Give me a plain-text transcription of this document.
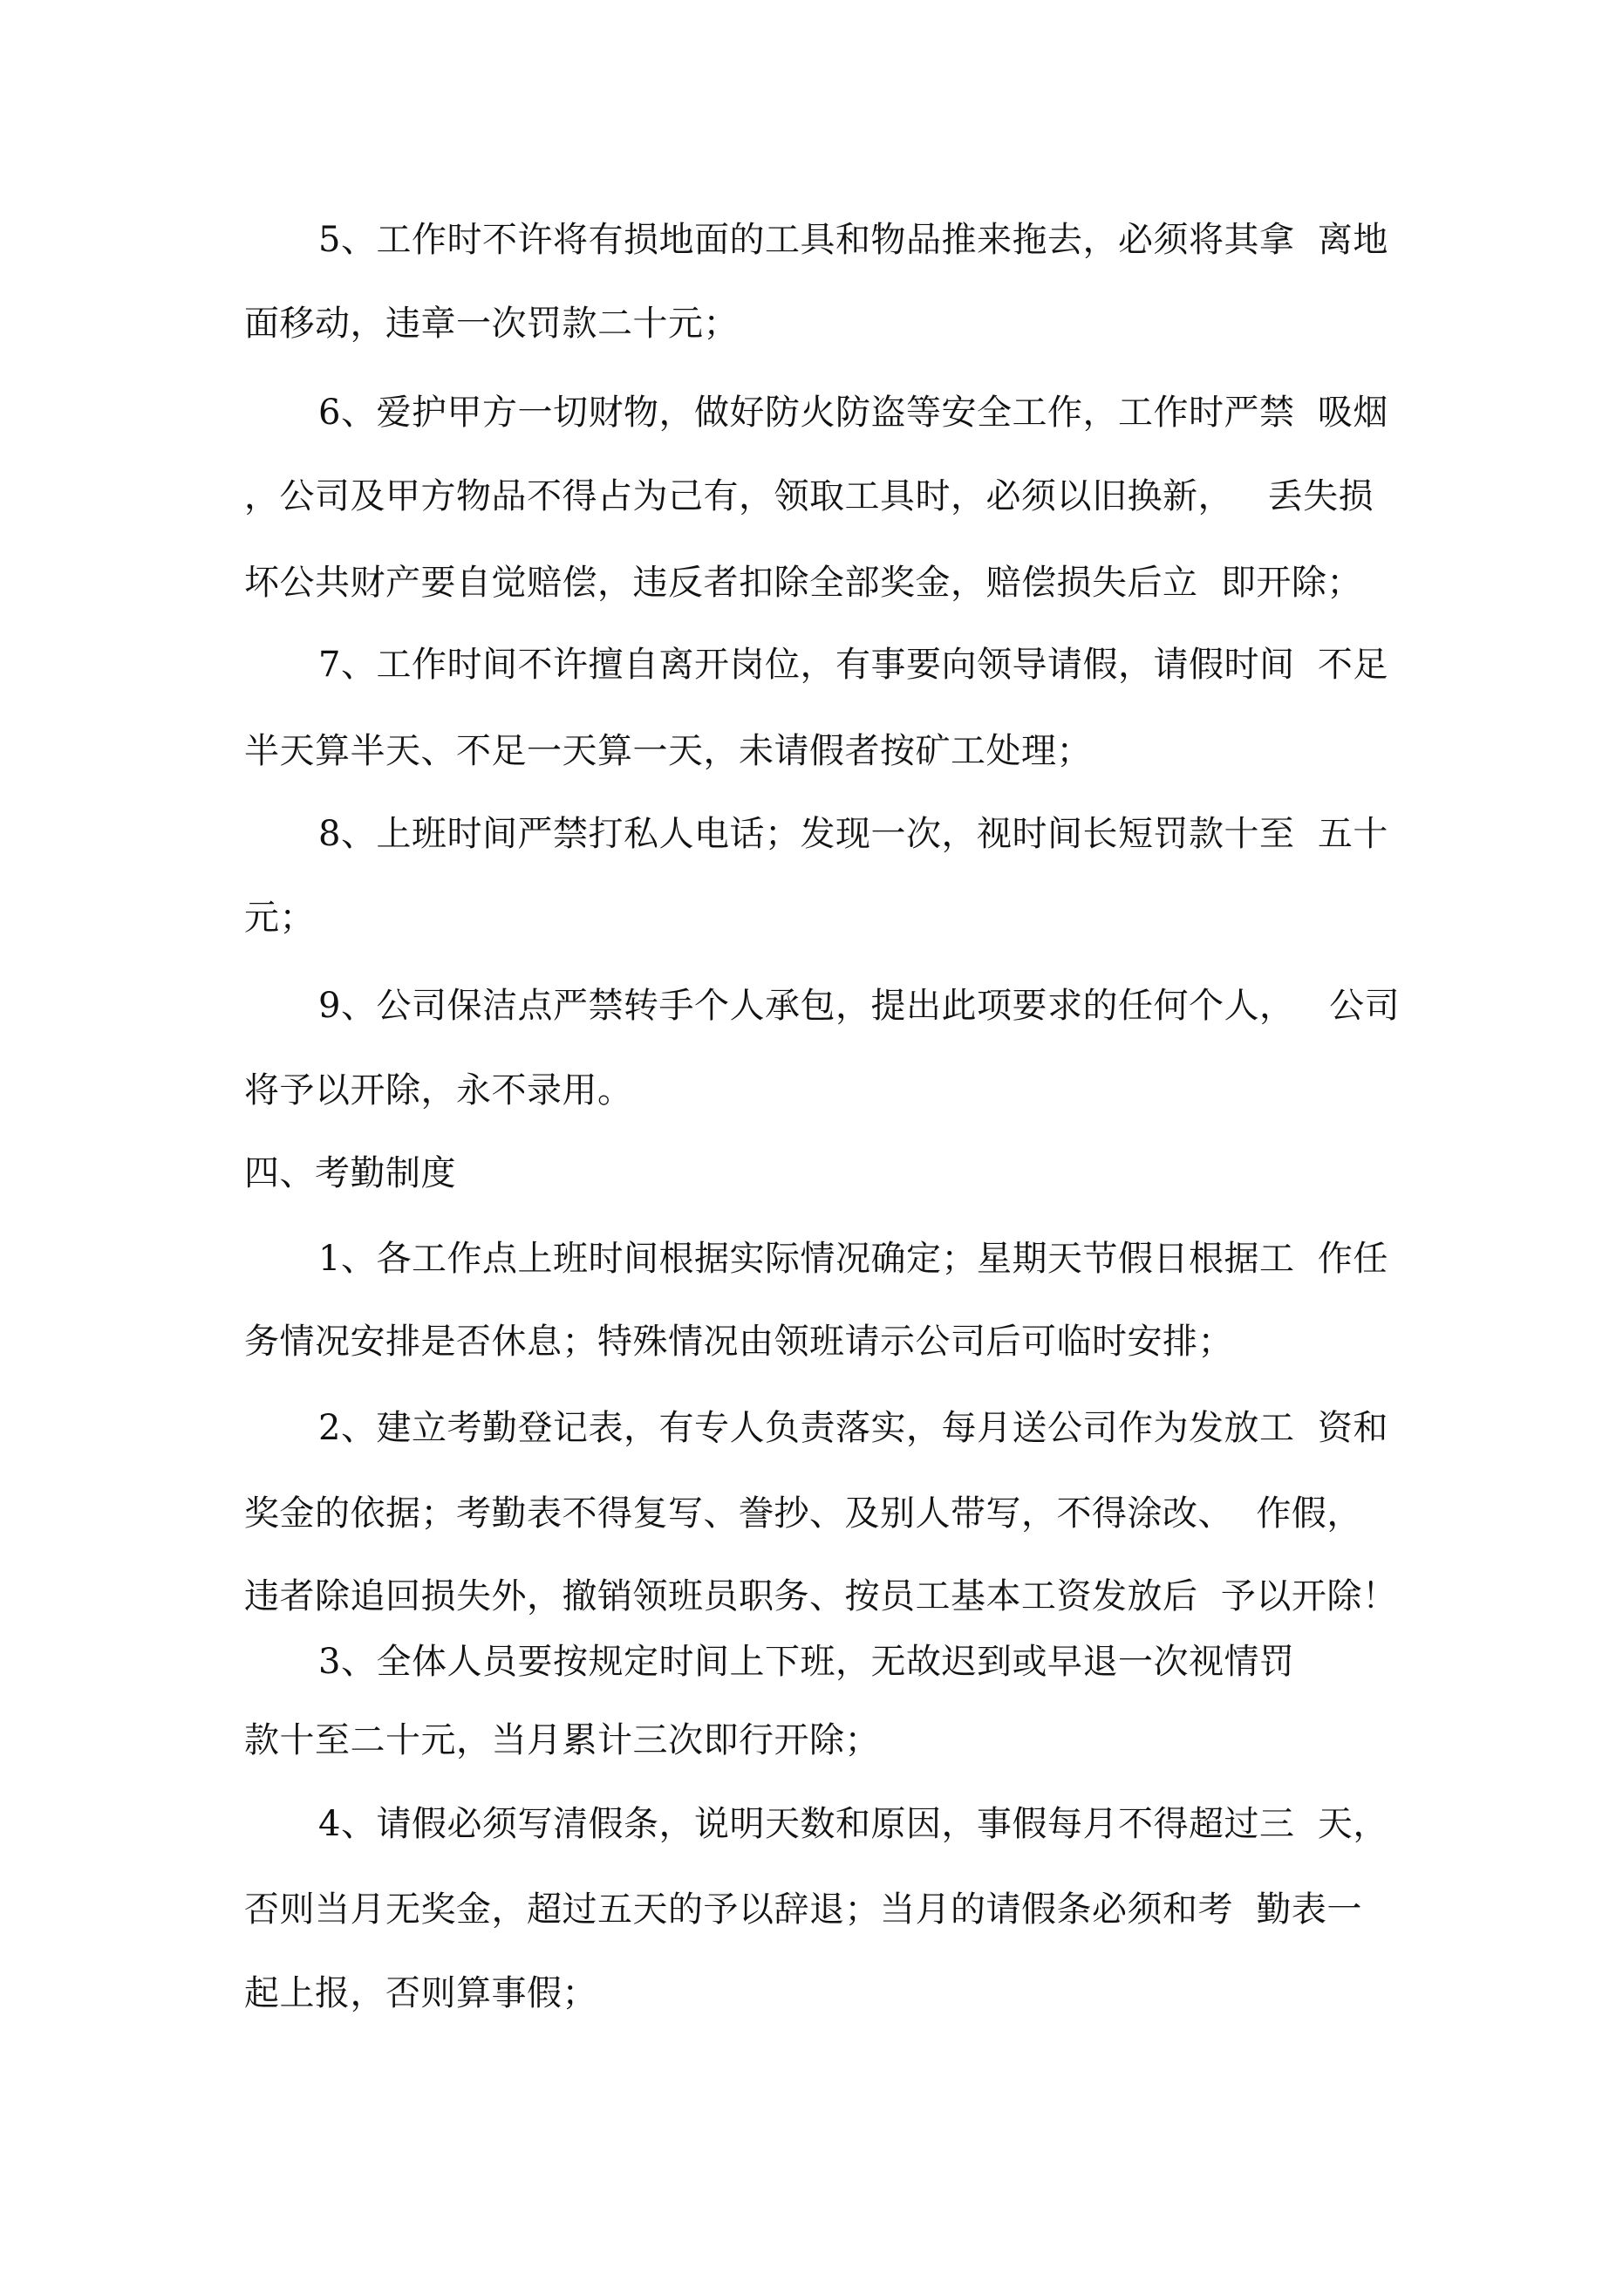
5、工作时不许将有损地面的工具和物品推来拖去，必须将其拿  离地
面移动，违章一次罚款二十元；
6、爱护甲方一切财物，做好防火防盗等安全工作，工作时严禁  吸烟
，公司及甲方物品不得占为己有，领取工具时，必须以旧换新，   丢失损
坏公共财产要自觉赔偿，违反者扣除全部奖金，赔偿损失后立  即开除；
7、工作时间不许擅自离开岗位，有事要向领导请假，请假时间  不足
半天算半天、不足一天算一天，未请假者按矿工处理；
8、上班时间严禁打私人电话；发现一次，视时间长短罚款十至  五十
元；
9、公司保洁点严禁转手个人承包，提出此项要求的任何个人，   公司
将予以开除，永不录用。
四、考勤制度
1、各工作点上班时间根据实际情况确定；星期天节假日根据工  作任
务情况安排是否休息；特殊情况由领班请示公司后可临时安排；
2、建立考勤登记表，有专人负责落实，每月送公司作为发放工  资和
奖金的依据；考勤表不得复写、誊抄、及别人带写，不得涂改、  作假，
违者除追回损失外，撤销领班员职务、按员工基本工资发放后  予以开除！
3、全体人员要按规定时间上下班，无故迟到或早退一次视情罚
款十至二十元，当月累计三次即行开除；
4、请假必须写清假条，说明天数和原因，事假每月不得超过三  天，
否则当月无奖金，超过五天的予以辞退；当月的请假条必须和考  勤表一
起上报，否则算事假；
